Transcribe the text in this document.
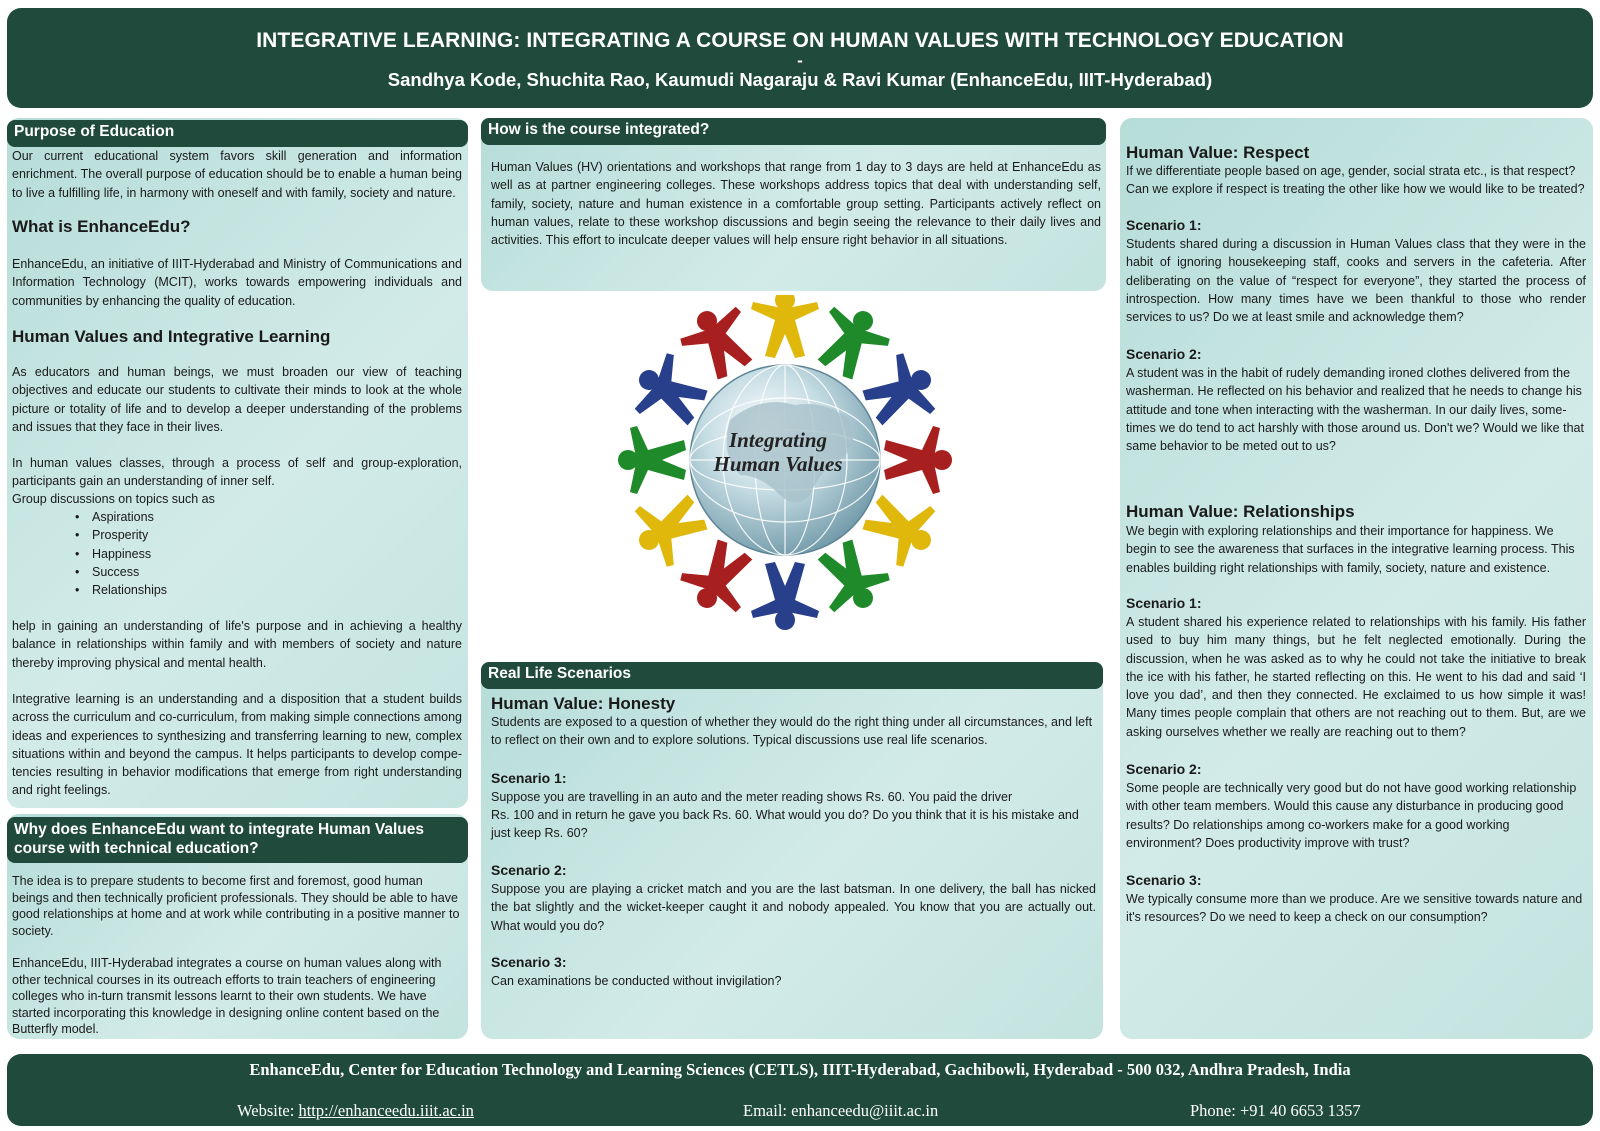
INTEGRATIVE LEARNING: INTEGRATING A COURSE ON HUMAN VALUES WITH TECHNOLOGY EDUCATION
-
Sandhya Kode, Shuchita Rao, Kaumudi Nagaraju & Ravi Kumar (EnhanceEdu, IIIT-Hyderabad)
Purpose of Education
Our current educational system favors skill generation and information enrichment. The overall purpose of education should be to enable a human being to live a fulfilling life, in harmony with oneself and with family, society and nature.
What is EnhanceEdu?
EnhanceEdu, an initiative of IIIT-Hyderabad and Ministry of Communications and Information Technology (MCIT), works towards empowering individuals and communities by enhancing the quality of education.
Human Values and Integrative Learning
As educators and human beings, we must broaden our view of teaching objectives and educate our students to cultivate their minds to look at the whole picture or totality of life and to develop a deeper understanding of the problems and issues that they face in their lives.
In human values classes, through a process of self and group-exploration, participants gain an understanding of inner self.
Group discussions on topics such as
• Aspirations
• Prosperity
• Happiness
• Success
• Relationships
help in gaining an understanding of life's purpose and in achieving a healthy balance in relationships within family and with members of society and nature thereby improving physical and mental health.
Integrative learning is an understanding and a disposition that a student builds across the curriculum and co-curriculum, from making simple connections among ideas and experiences to synthesizing and transferring learning to new, complex situations within and beyond the campus. It helps participants to develop compe-tencies resulting in behavior modifications that emerge from right understanding and right feelings.
Why does EnhanceEdu want to integrate Human Values course with technical education?
The idea is to prepare students to become first and foremost, good human beings and then technically proficient professionals. They should be able to have good relationships at home and at work while contributing in a positive manner to society.
EnhanceEdu, IIIT-Hyderabad integrates a course on human values along with other technical courses in its outreach efforts to train teachers of engineering colleges who in-turn transmit lessons learnt to their own students. We have started incorporating this knowledge in designing online content based on the Butterfly model.
How is the course integrated?
Human Values (HV) orientations and workshops that range from 1 day to 3 days are held at EnhanceEdu as well as at partner engineering colleges. These workshops address topics that deal with understanding self, family, society, nature and human existence in a comfortable group setting. Participants actively reflect on human values, relate to these workshop discussions and begin seeing the relevance to their daily lives and activities. This effort to inculcate deeper values will help ensure right behavior in all situations.
Integrating
Human Values
Real Life Scenarios
Human Value: Honesty
Students are exposed to a question of whether they would do the right thing under all circumstances, and left to reflect on their own and to explore solutions. Typical discussions use real life scenarios.
Scenario 1:
Suppose you are travelling in an auto and the meter reading shows Rs. 60. You paid the driver
Rs. 100 and in return he gave you back Rs. 60. What would you do? Do you think that it is his mistake and just keep Rs. 60?
Scenario 2:
Suppose you are playing a cricket match and you are the last batsman. In one delivery, the ball has nicked the bat slightly and the wicket-keeper caught it and nobody appealed. You know that you are actually out. What would you do?
Scenario 3:
Can examinations be conducted without invigilation?
Human Value: Respect
If we differentiate people based on age, gender, social strata etc., is that respect? Can we explore if respect is treating the other like how we would like to be treated?
Scenario 1:
Students shared during a discussion in Human Values class that they were in the habit of ignoring housekeeping staff, cooks and servers in the cafeteria. After deliberating on the value of “respect for everyone”, they started the process of introspection. How many times have we been thankful to those who render services to us? Do we at least smile and acknowledge them?
Scenario 2:
A student was in the habit of rudely demanding ironed clothes delivered from the washerman. He reflected on his behavior and realized that he needs to change his attitude and tone when interacting with the washerman. In our daily lives, some-times we do tend to act harshly with those around us. Don't we? Would we like that same behavior to be meted out to us?
Human Value: Relationships
We begin with exploring relationships and their importance for happiness. We begin to see the awareness that surfaces in the integrative learning process. This enables building right relationships with family, society, nature and existence.
Scenario 1:
A student shared his experience related to relationships with his family. His father used to buy him many things, but he felt neglected emotionally. During the discussion, when he was asked as to why he could not take the initiative to break the ice with his father, he started reflecting on this. He went to his dad and said ‘I love you dad’, and then they connected. He exclaimed to us how simple it was! Many times people complain that others are not reaching out to them. But, are we asking ourselves whether we really are reaching out to them?
Scenario 2:
Some people are technically very good but do not have good working relationship with other team members. Would this cause any disturbance in producing good results? Do relationships among co-workers make for a good working environment? Does productivity improve with trust?
Scenario 3:
We typically consume more than we produce. Are we sensitive towards nature and it's resources? Do we need to keep a check on our consumption?
EnhanceEdu, Center for Education Technology and Learning Sciences (CETLS), IIIT-Hyderabad, Gachibowli, Hyderabad - 500 032, Andhra Pradesh, India
Website: http://enhanceedu.iiit.ac.in	Email: enhanceedu@iiit.ac.in	Phone: +91 40 6653 1357
